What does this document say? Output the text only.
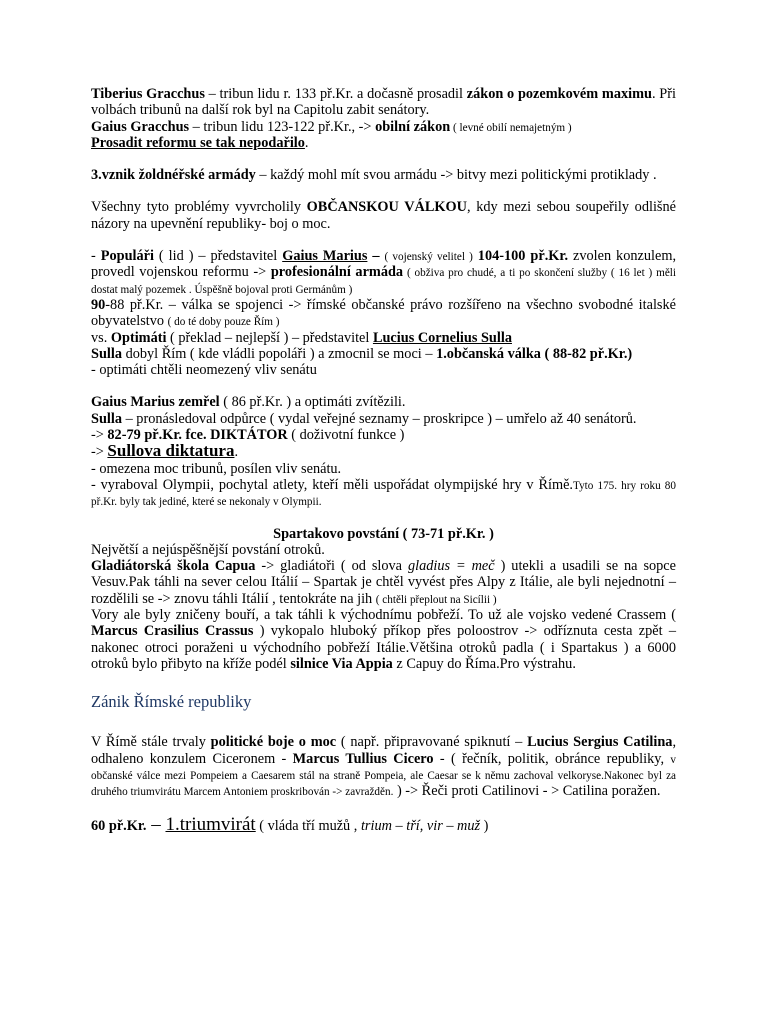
Tiberius Gracchus – tribun lidu r. 133 př.Kr. a dočasně prosadil zákon o pozemkovém maximu. Při volbách tribunů na další rok byl na Capitolu zabit senátory.

Gaius Gracchus – tribun lidu 123-122 př.Kr., -> obilní zákon ( levné obilí nemajetným )

Prosadit reformu se tak nepodařilo.

3.vznik žoldnéřské armády – každý mohl mít svou armádu -> bitvy mezi politickými protiklady .

Všechny tyto problémy vyvrcholily OBČANSKOU VÁLKOU, kdy mezi sebou soupeřily odlišné názory na upevnění republiky- boj o moc.

- Populáři ( lid ) – představitel Gaius Marius – ( vojenský velitel ) 104-100 př.Kr. zvolen konzulem, provedl vojenskou reformu -> profesionální armáda ( obživa pro chudé, a ti po skončení služby ( 16 let ) měli dostat malý pozemek . Úspěšně bojoval proti Germánům )

90-88 př.Kr. – válka se spojenci -> římské občanské právo rozšířeno na všechno svobodné italské obyvatelstvo ( do té doby pouze Řím )

vs. Optimáti ( překlad – nejlepší ) – představitel Lucius Cornelius Sulla

Sulla dobyl Řím ( kde vládli popoláři ) a zmocnil se moci – 1.občanská válka ( 88-82 př.Kr.)

- optimáti chtěli neomezený vliv senátu

Gaius Marius zemřel ( 86 př.Kr. ) a optimáti zvítězili.

Sulla – pronásledoval odpůrce ( vydal veřejné seznamy – proskripce ) – umřelo až 40 senátorů.

-> 82-79 př.Kr. fce. DIKTÁTOR ( doživotní funkce )

-> Sullova diktatura.

- omezena moc tribunů, posílen vliv senátu.

- vyraboval Olympii, pochytal atlety, kteří měli uspořádat olympijské hry v Římě.Tyto 175. hry roku 80 př.Kr. byly tak jediné, které se nekonaly v Olympii.

Spartakovo povstání ( 73-71 př.Kr. )

Největší a nejúspěšnější povstání otroků.

Gladiátorská škola Capua -> gladiátoři ( od slova gladius = meč ) utekli a usadili se na sopce Vesuv.Pak táhli na sever celou Itálií – Spartak je chtěl vyvést přes Alpy z Itálie, ale byli nejednotní – rozdělili se -> znovu táhli Itálií , tentokráte na jih ( chtěli přeplout na Sicílii )

Vory ale byly zničeny bouří, a tak táhli k východnímu pobřeží. To už ale vojsko vedené Crassem ( Marcus Crasilius Crassus ) vykopalo hluboký příkop přes poloostrov -> odříznuta cesta zpět – nakonec otroci poraženi u východního pobřeží Itálie.Většina otroků padla ( i Spartakus ) a 6000 otroků bylo přibyto na kříže podél silnice Via Appia z Capuy do Říma.Pro výstrahu.

Zánik Římské republiky

V Římě stále trvaly politické boje o moc ( např. připravované spiknutí – Lucius Sergius Catilina, odhaleno konzulem Ciceronem - Marcus Tullius Cicero - ( řečník, politik, obránce republiky, v občanské válce mezi Pompeiem a Caesarem stál na straně Pompeia, ale Caesar se k němu zachoval velkoryse.Nakonec byl za druhého triumvirátu Marcem Antoniem proskribován -> zavražděn. ) -> Řeči proti Catilinovi - > Catilina poražen.

60 př.Kr. – 1.triumvirát ( vláda tří mužů , trium – tří, vir – muž )
